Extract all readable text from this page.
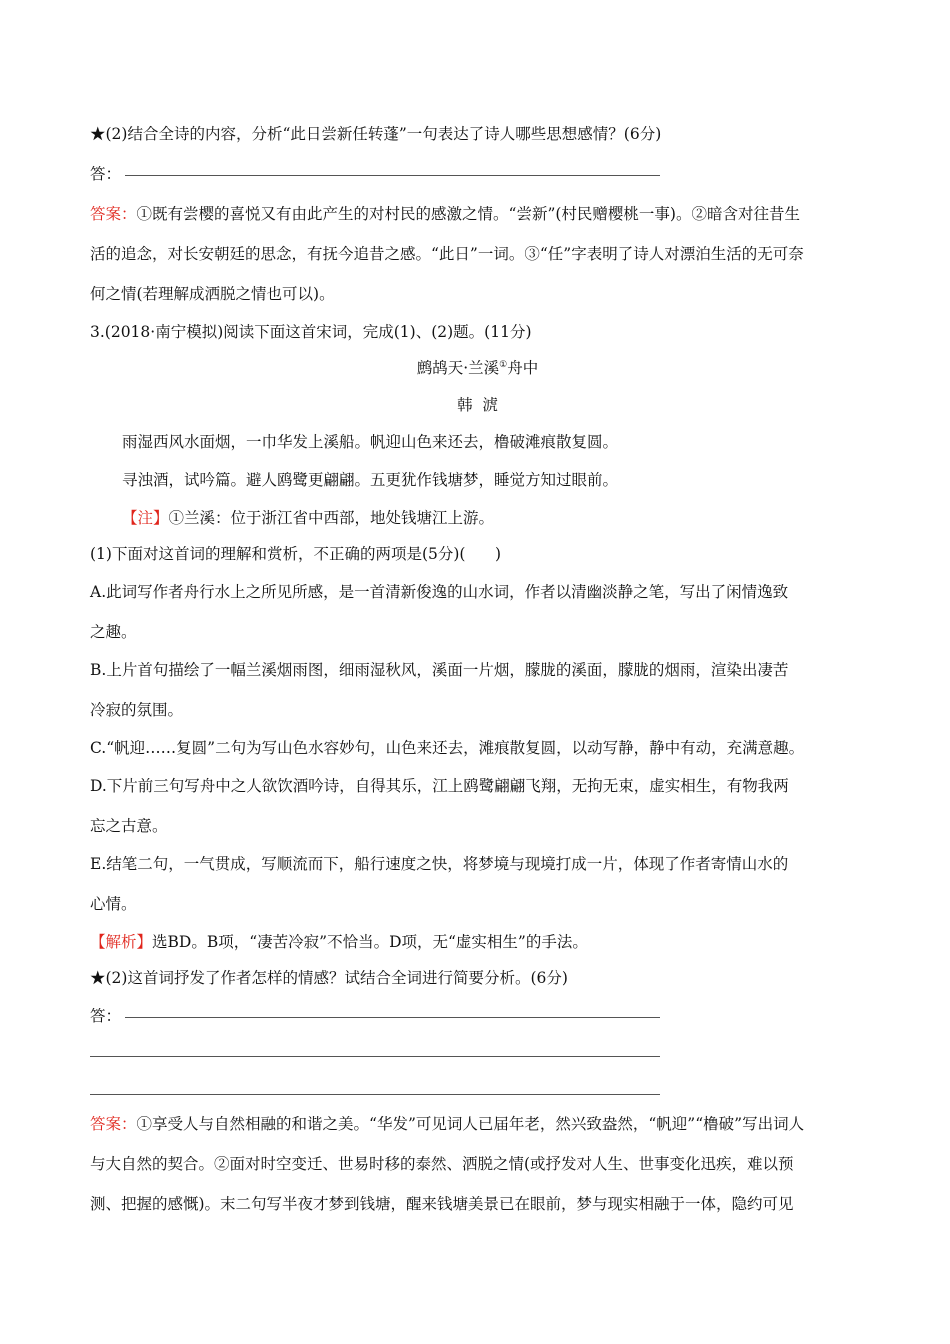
★(2)结合全诗的内容，分析“此日尝新任转蓬”一句表达了诗人哪些思想感情？(6分)
答：
答案：①既有尝樱的喜悦又有由此产生的对村民的感激之情。“尝新”(村民赠樱桃一事)。②暗含对往昔生
活的追念，对长安朝廷的思念，有抚今追昔之感。“此日”一词。③“任”字表明了诗人对漂泊生活的无可奈
何之情(若理解成洒脱之情也可以)。
3.(2018·南宁模拟)阅读下面这首宋词，完成(1)、(2)题。(11分)
鹧鸪天·兰溪①舟中
韩  淲
雨湿西风水面烟，一巾华发上溪船。帆迎山色来还去，橹破滩痕散复圆。
寻浊酒，试吟篇。避人鸥鹭更翩翩。五更犹作钱塘梦，睡觉方知过眼前。
【注】①兰溪：位于浙江省中西部，地处钱塘江上游。
(1)下面对这首词的理解和赏析，不正确的两项是(5分)(      )
A.此词写作者舟行水上之所见所感，是一首清新俊逸的山水词，作者以清幽淡静之笔，写出了闲情逸致
之趣。
B.上片首句描绘了一幅兰溪烟雨图，细雨湿秋风，溪面一片烟，朦胧的溪面，朦胧的烟雨，渲染出凄苦
冷寂的氛围。
C.“帆迎……复圆”二句为写山色水容妙句，山色来还去，滩痕散复圆，以动写静，静中有动，充满意趣。
D.下片前三句写舟中之人欲饮酒吟诗，自得其乐，江上鸥鹭翩翩飞翔，无拘无束，虚实相生，有物我两
忘之古意。
E.结笔二句，一气贯成，写顺流而下，船行速度之快，将梦境与现境打成一片，体现了作者寄情山水的
心情。
【解析】选BD。B项，“凄苦冷寂”不恰当。D项，无“虚实相生”的手法。
★(2)这首词抒发了作者怎样的情感？试结合全词进行简要分析。(6分)
答：
答案：①享受人与自然相融的和谐之美。“华发”可见词人已届年老，然兴致盎然，“帆迎”“橹破”写出词人
与大自然的契合。②面对时空变迁、世易时移的泰然、洒脱之情(或抒发对人生、世事变化迅疾，难以预
测、把握的感慨)。末二句写半夜才梦到钱塘，醒来钱塘美景已在眼前，梦与现实相融于一体，隐约可见
